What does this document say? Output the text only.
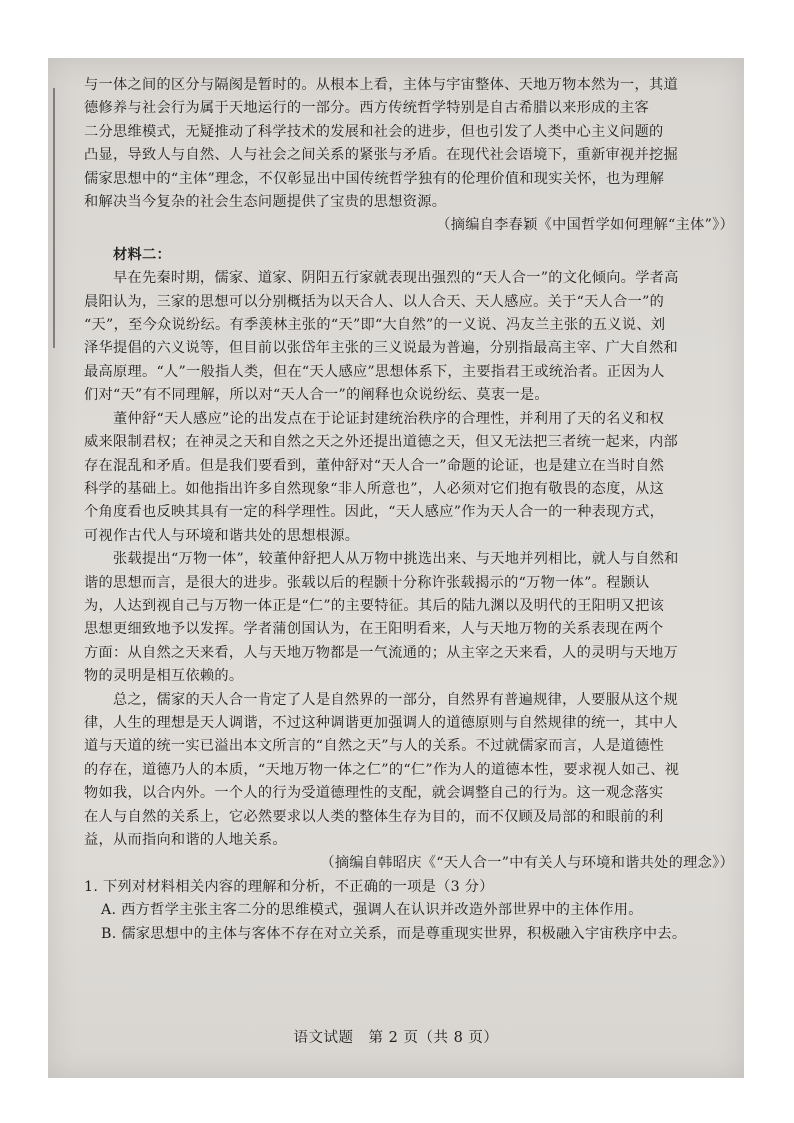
与一体之间的区分与隔阂是暂时的。从根本上看，主体与宇宙整体、天地万物本然为一，其道
德修养与社会行为属于天地运行的一部分。西方传统哲学特别是自古希腊以来形成的主客
二分思维模式，无疑推动了科学技术的发展和社会的进步，但也引发了人类中心主义问题的
凸显，导致人与自然、人与社会之间关系的紧张与矛盾。在现代社会语境下，重新审视并挖掘
儒家思想中的“主体”理念，不仅彰显出中国传统哲学独有的伦理价值和现实关怀，也为理解
和解决当今复杂的社会生态问题提供了宝贵的思想资源。
（摘编自李春颖《中国哲学如何理解“主体”》）
材料二：
早在先秦时期，儒家、道家、阴阳五行家就表现出强烈的“天人合一”的文化倾向。学者高
晨阳认为，三家的思想可以分别概括为以天合人、以人合天、天人感应。关于“天人合一”的
“天”，至今众说纷纭。有季羡林主张的“天”即“大自然”的一义说、冯友兰主张的五义说、刘
泽华提倡的六义说等，但目前以张岱年主张的三义说最为普遍，分别指最高主宰、广大自然和
最高原理。“人”一般指人类，但在“天人感应”思想体系下，主要指君王或统治者。正因为人
们对“天”有不同理解，所以对“天人合一”的阐释也众说纷纭、莫衷一是。
董仲舒“天人感应”论的出发点在于论证封建统治秩序的合理性，并利用了天的名义和权
威来限制君权；在神灵之天和自然之天之外还提出道德之天，但又无法把三者统一起来，内部
存在混乱和矛盾。但是我们要看到，董仲舒对“天人合一”命题的论证，也是建立在当时自然
科学的基础上。如他指出许多自然现象“非人所意也”，人必须对它们抱有敬畏的态度，从这
个角度看也反映其具有一定的科学理性。因此，“天人感应”作为天人合一的一种表现方式，
可视作古代人与环境和谐共处的思想根源。
张载提出“万物一体”，较董仲舒把人从万物中挑选出来、与天地并列相比，就人与自然和
谐的思想而言，是很大的进步。张载以后的程颢十分称许张载揭示的“万物一体”。程颢认
为，人达到视自己与万物一体正是“仁”的主要特征。其后的陆九渊以及明代的王阳明又把该
思想更细致地予以发挥。学者蒲创国认为，在王阳明看来，人与天地万物的关系表现在两个
方面：从自然之天来看，人与天地万物都是一气流通的；从主宰之天来看，人的灵明与天地万
物的灵明是相互依赖的。
总之，儒家的天人合一肯定了人是自然界的一部分，自然界有普遍规律，人要服从这个规
律，人生的理想是天人调谐，不过这种调谐更加强调人的道德原则与自然规律的统一，其中人
道与天道的统一实已溢出本文所言的“自然之天”与人的关系。不过就儒家而言，人是道德性
的存在，道德乃人的本质，“天地万物一体之仁”的“仁”作为人的道德本性，要求视人如己、视
物如我，以合内外。一个人的行为受道德理性的支配，就会调整自己的行为。这一观念落实
在人与自然的关系上，它必然要求以人类的整体生存为目的，而不仅顾及局部的和眼前的利
益，从而指向和谐的人地关系。
（摘编自韩昭庆《“天人合一”中有关人与环境和谐共处的理念》）
1. 下列对材料相关内容的理解和分析，不正确的一项是（3 分）
A. 西方哲学主张主客二分的思维模式，强调人在认识并改造外部世界中的主体作用。
B. 儒家思想中的主体与客体不存在对立关系，而是尊重现实世界，积极融入宇宙秩序中去。
语文试题　第 2 页（共 8 页）
